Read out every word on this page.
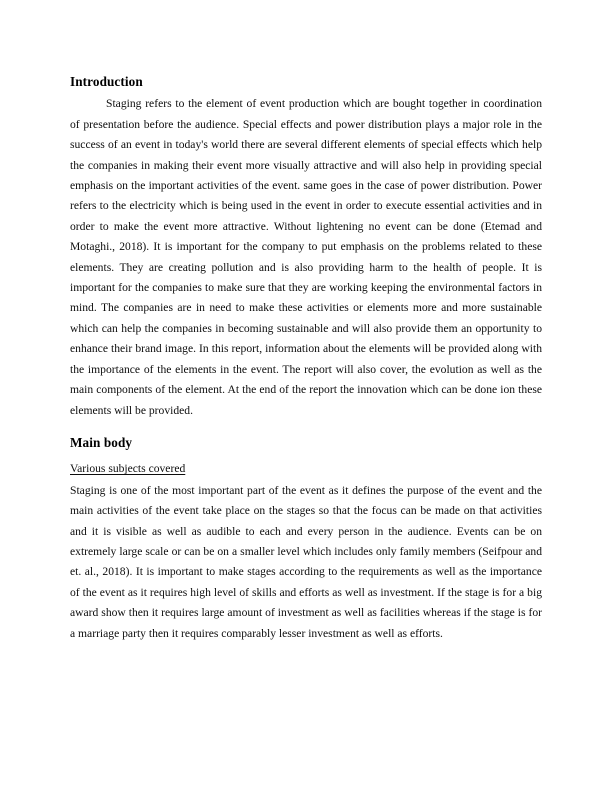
Introduction

Staging refers to the element of event production which are bought together in coordination of presentation before the audience. Special effects and power distribution plays a major role in the success of an event in today's world there are several different elements of special effects which help the companies in making their event more visually attractive and will also help in providing special emphasis on the important activities of the event. same goes in the case of power distribution. Power refers to the electricity which is being used in the event in order to execute essential activities and in order to make the event more attractive. Without lightening no event can be done (Etemad and Motaghi., 2018). It is important for the company to put emphasis on the problems related to these elements. They are creating pollution and is also providing harm to the health of people. It is important for the companies to make sure that they are working keeping the environmental factors in mind. The companies are in need to make these activities or elements more and more sustainable which can help the companies in becoming sustainable and will also provide them an opportunity to enhance their brand image. In this report, information about the elements will be provided along with the importance of the elements in the event. The report will also cover, the evolution as well as the main components of the element. At the end of the report the innovation which can be done ion these elements will be provided.

Main body
Various subjects covered

Staging is one of the most important part of the event as it defines the purpose of the event and the main activities of the event take place on the stages so that the focus can be made on that activities and it is visible as well as audible to each and every person in the audience. Events can be on extremely large scale or can be on a smaller level which includes only family members (Seifpour and et. al., 2018). It is important to make stages according to the requirements as well as the importance of the event as it requires high level of skills and efforts as well as investment. If the stage is for a big award show then it requires large amount of investment as well as facilities whereas if the stage is for a marriage party then it requires comparably lesser investment as well as efforts.
